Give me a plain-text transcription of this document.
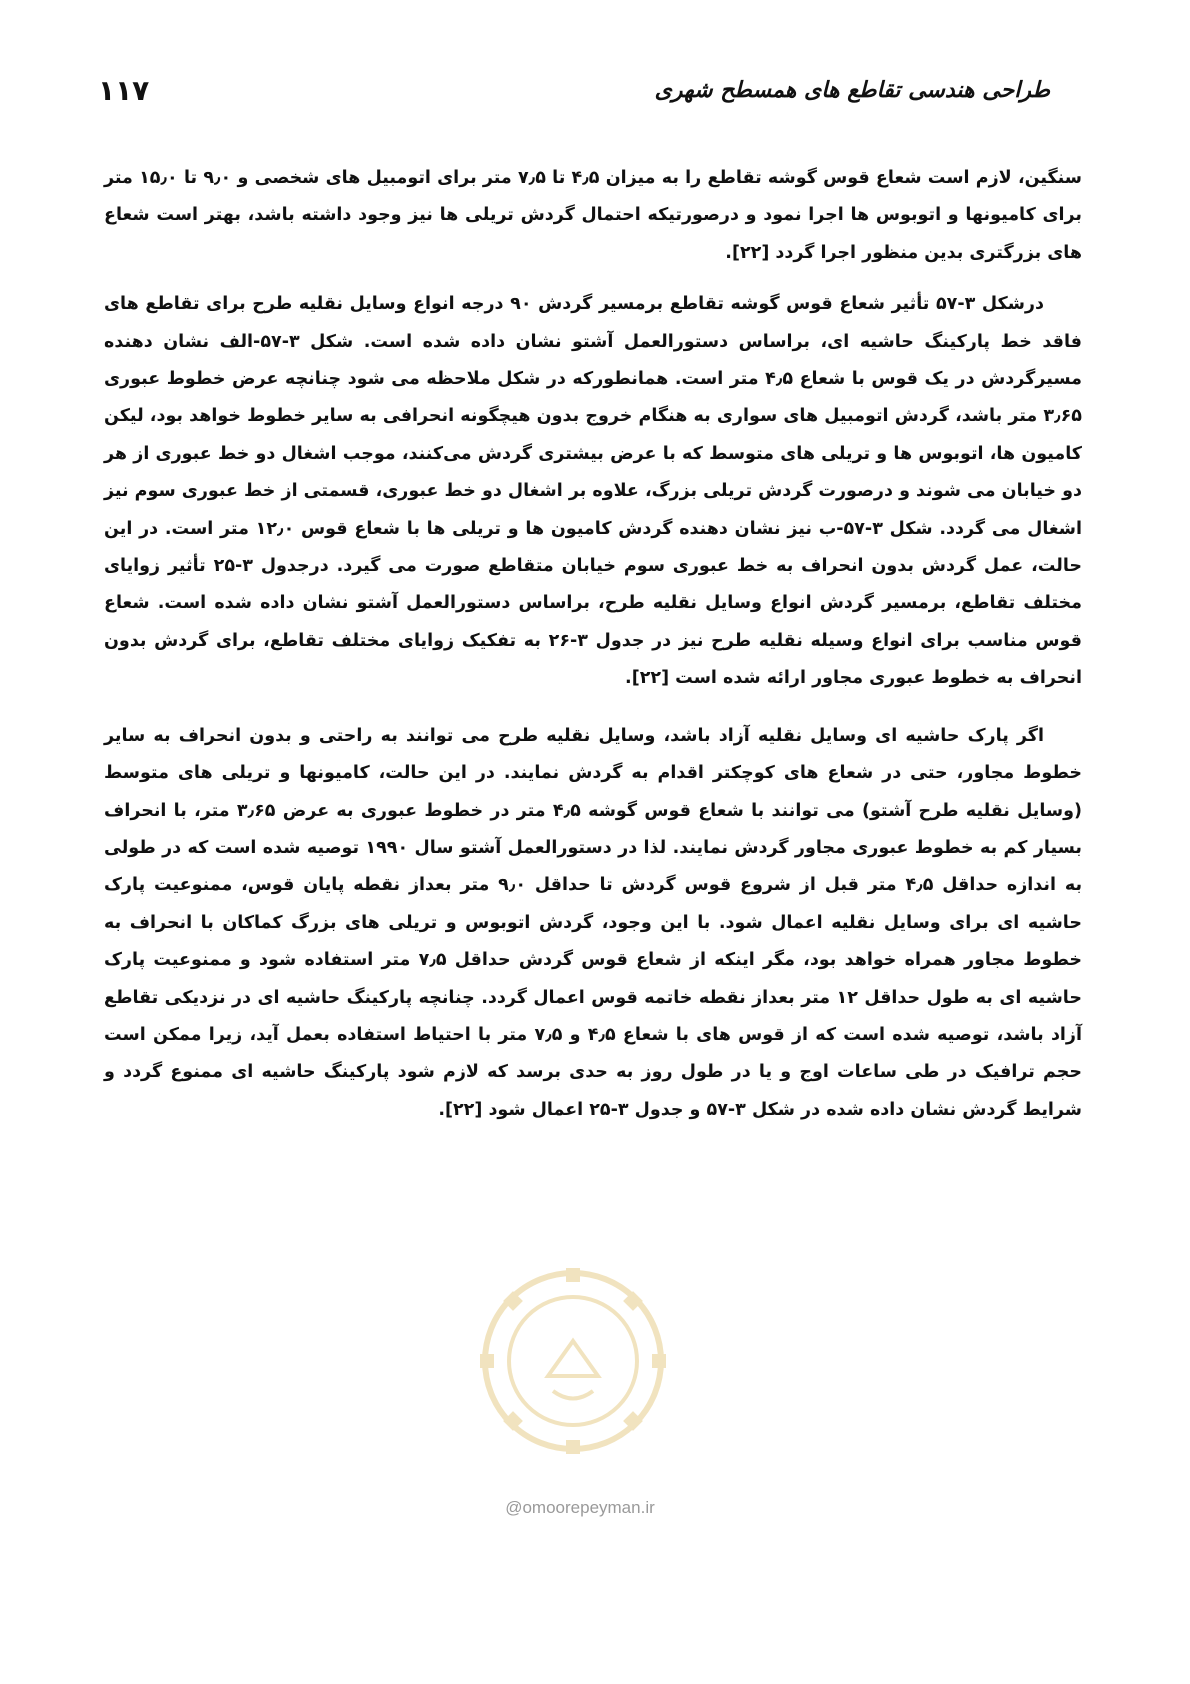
۱۱۷	طراحی هندسی تقاطع های همسطح شهری

سنگین، لازم است شعاع قوس گوشه تقاطع را به میزان ۴٫۵ تا ۷٫۵ متر برای اتومبیل های شخصی و ۹٫۰ تا ۱۵٫۰ متر برای کامیونها و اتوبوس ها اجرا نمود و درصورتیکه احتمال گردش تریلی ها نیز وجود داشته باشد، بهتر است شعاع های بزرگتری بدین منظور اجرا گردد [۲۲].

درشکل ۳-۵۷ تأثیر شعاع قوس گوشه تقاطع برمسیر گردش ۹۰ درجه انواع وسایل نقلیه طرح برای تقاطع های فاقد خط پارکینگ حاشیه ای، براساس دستورالعمل آشتو نشان داده شده است. شکل ۳-۵۷-الف نشان دهنده مسیرگردش در یک قوس با شعاع ۴٫۵ متر است. همانطورکه در شکل ملاحظه می شود چنانچه عرض خطوط عبوری ۳٫۶۵ متر باشد، گردش اتومبیل های سواری به هنگام خروج بدون هیچگونه انحرافی به سایر خطوط خواهد بود، لیکن کامیون ها، اتوبوس ها و تریلی های متوسط که با عرض بیشتری گردش می‌کنند، موجب اشغال دو خط عبوری از هر دو خیابان می شوند و درصورت گردش تریلی بزرگ، علاوه بر اشغال دو خط عبوری، قسمتی از خط عبوری سوم نیز اشغال می گردد. شکل ۳-۵۷-ب نیز نشان دهنده گردش کامیون ها و تریلی ها با شعاع قوس ۱۲٫۰ متر است. در این حالت، عمل گردش بدون انحراف به خط عبوری سوم خیابان متقاطع صورت می گیرد. درجدول ۳-۲۵ تأثیر زوایای مختلف تقاطع، برمسیر گردش انواع وسایل نقلیه طرح، براساس دستورالعمل آشتو نشان داده شده است. شعاع قوس مناسب برای انواع وسیله نقلیه طرح نیز در جدول ۳-۲۶ به تفکیک زوایای مختلف تقاطع، برای گردش بدون انحراف به خطوط عبوری مجاور ارائه شده است [۲۲].

اگر پارک حاشیه ای وسایل نقلیه آزاد باشد، وسایل نقلیه طرح می توانند به راحتی و بدون انحراف به سایر خطوط مجاور، حتی در شعاع های کوچکتر اقدام به گردش نمایند. در این حالت، کامیونها و تریلی های متوسط (وسایل نقلیه طرح آشتو) می توانند با شعاع قوس گوشه ۴٫۵ متر در خطوط عبوری به عرض ۳٫۶۵ متر، با انحراف بسیار کم به خطوط عبوری مجاور گردش نمایند. لذا در دستورالعمل آشتو سال ۱۹۹۰ توصیه شده است که در طولی به اندازه حداقل ۴٫۵ متر قبل از شروع قوس گردش تا حداقل ۹٫۰ متر بعداز نقطه پایان قوس، ممنوعیت پارک حاشیه ای برای وسایل نقلیه اعمال شود. با این وجود، گردش اتوبوس و تریلی های بزرگ کماکان با انحراف به خطوط مجاور همراه خواهد بود، مگر اینکه از شعاع قوس گردش حداقل ۷٫۵ متر استفاده شود و ممنوعیت پارک حاشیه ای به طول حداقل ۱۲ متر بعداز نقطه خاتمه قوس اعمال گردد. چنانچه پارکینگ حاشیه ای در نزدیکی تقاطع آزاد باشد، توصیه شده است که از قوس های با شعاع ۴٫۵ و ۷٫۵ متر با احتیاط استفاده بعمل آید، زیرا ممکن است حجم ترافیک در طی ساعات اوج و یا در طول روز به حدی برسد که لازم شود پارکینگ حاشیه ای ممنوع گردد و شرایط گردش نشان داده شده در شکل ۳-۵۷ و جدول ۳-۲۵ اعمال شود [۲۲].

@omoorepeyman.ir
